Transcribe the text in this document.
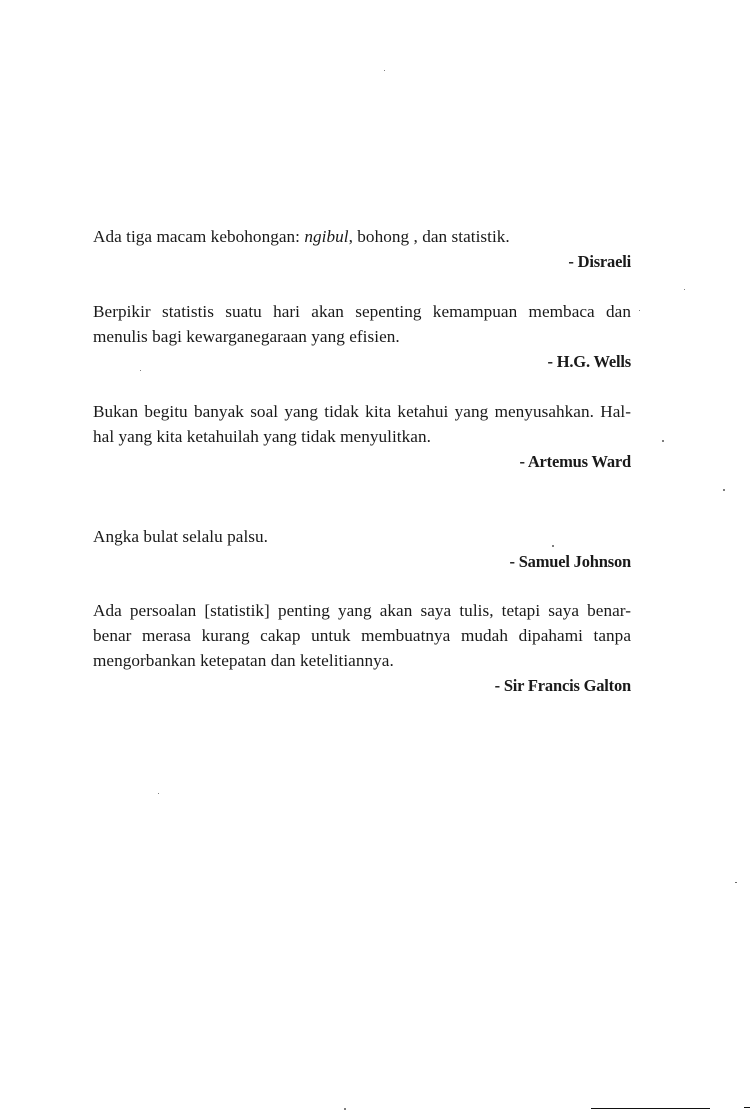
Ada tiga macam kebohongan: ngibul, bohong , dan statistik.

- Disraeli

Berpikir statistis suatu hari akan sepenting kemampuan membaca dan menulis bagi kewarganegaraan yang efisien.

- H.G. Wells

Bukan begitu banyak soal yang tidak kita ketahui yang menyusahkan. Hal-hal yang kita ketahuilah yang tidak menyulitkan.

- Artemus Ward

Angka bulat selalu palsu.

- Samuel Johnson

Ada persoalan [statistik] penting yang akan saya tulis, tetapi saya benar-benar merasa kurang cakap untuk membuatnya mudah dipahami tanpa mengorbankan ketepatan dan ketelitiannya.

- Sir Francis Galton
